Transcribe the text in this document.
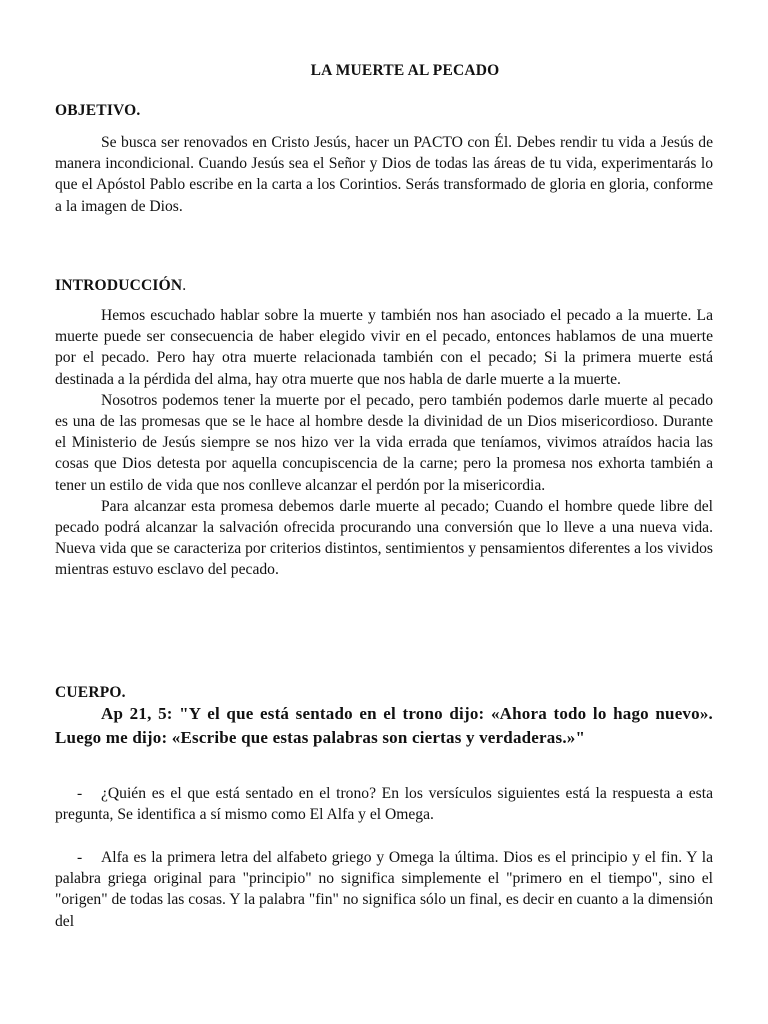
LA MUERTE AL PECADO
OBJETIVO.

Se busca ser renovados en Cristo Jesús, hacer un PACTO con Él. Debes rendir tu vida a Jesús de manera incondicional. Cuando Jesús sea el Señor y Dios de todas las áreas de tu vida, experimentarás lo que el Apóstol Pablo escribe en la carta a los Corintios. Serás transformado de gloria en gloria, conforme a la imagen de Dios.

INTRODUCCIÓN.

Hemos escuchado hablar sobre la muerte y también nos han asociado el pecado a la muerte. La muerte puede ser consecuencia de haber elegido vivir en el pecado, entonces hablamos de una muerte por el pecado. Pero hay otra muerte relacionada también con el pecado; Si la primera muerte está destinada a la pérdida del alma, hay otra muerte que nos habla de darle muerte a la muerte.

Nosotros podemos tener la muerte por el pecado, pero también podemos darle muerte al pecado es una de las promesas que se le hace al hombre desde la divinidad de un Dios misericordioso. Durante el Ministerio de Jesús siempre se nos hizo ver la vida errada que teníamos, vivimos atraídos hacia las cosas que Dios detesta por aquella concupiscencia de la carne; pero la promesa nos exhorta también a tener un estilo de vida que nos conlleve alcanzar el perdón por la misericordia.

Para alcanzar esta promesa debemos darle muerte al pecado; Cuando el hombre quede libre del pecado podrá alcanzar la salvación ofrecida procurando una conversión que lo lleve a una nueva vida. Nueva vida que se caracteriza por criterios distintos, sentimientos y pensamientos diferentes a los vividos mientras estuvo esclavo del pecado.

CUERPO.
Ap 21, 5: "Y el que está sentado en el trono dijo: «Ahora todo lo hago nuevo». Luego me dijo: «Escribe que estas palabras son ciertas y verdaderas.»"
- ¿Quién es el que está sentado en el trono? En los versículos siguientes está la respuesta a esta pregunta, Se identifica a sí mismo como El Alfa y el Omega.
- Alfa es la primera letra del alfabeto griego y Omega la última. Dios es el principio y el fin. Y la palabra griega original para "principio" no significa simplemente el "primero en el tiempo", sino el "origen" de todas las cosas. Y la palabra "fin" no significa sólo un final, es decir en cuanto a la dimensión del
